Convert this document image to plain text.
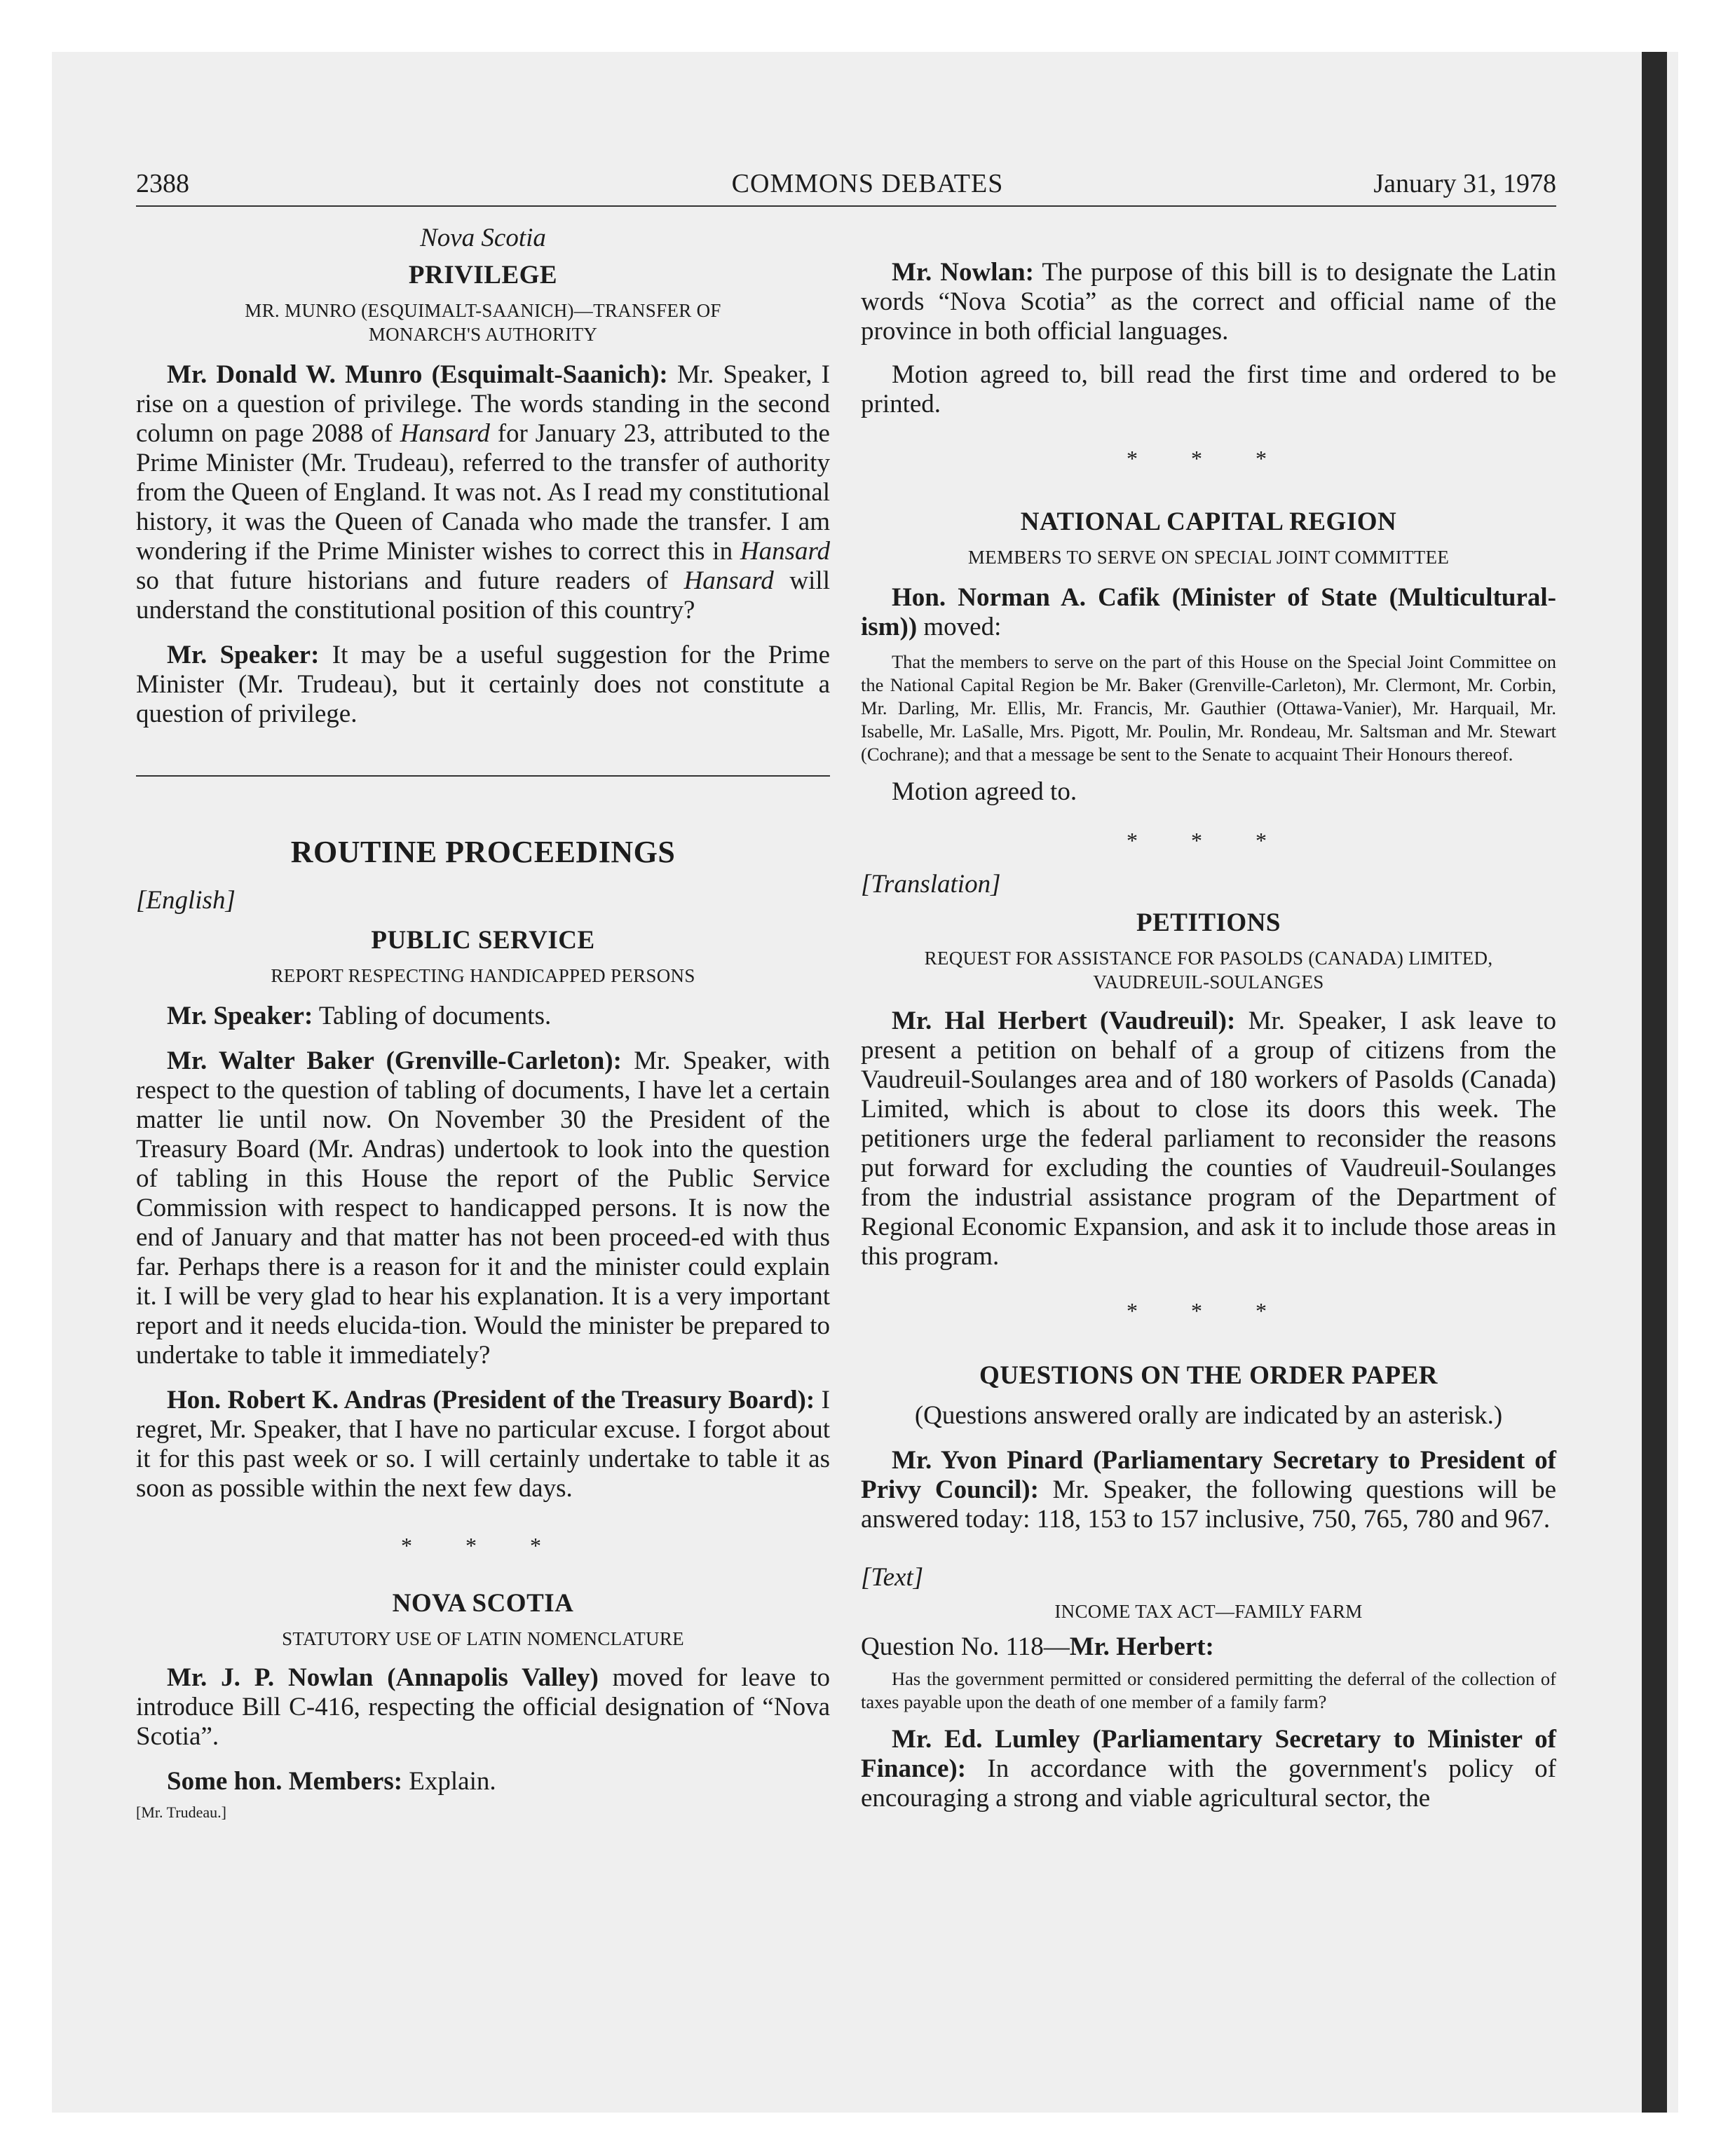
2388	COMMONS DEBATES	January 31, 1978

Nova Scotia

PRIVILEGE

MR. MUNRO (ESQUIMALT-SAANICH)—TRANSFER OF MONARCH'S AUTHORITY

Mr. Donald W. Munro (Esquimalt-Saanich): Mr. Speaker, I rise on a question of privilege. The words standing in the second column on page 2088 of Hansard for January 23, attributed to the Prime Minister (Mr. Trudeau), referred to the transfer of authority from the Queen of England. It was not. As I read my constitutional history, it was the Queen of Canada who made the transfer. I am wondering if the Prime Minister wishes to correct this in Hansard so that future historians and future readers of Hansard will understand the constitutional position of this country?

Mr. Speaker: It may be a useful suggestion for the Prime Minister (Mr. Trudeau), but it certainly does not constitute a question of privilege.

ROUTINE PROCEEDINGS

[English]

PUBLIC SERVICE

REPORT RESPECTING HANDICAPPED PERSONS

Mr. Speaker: Tabling of documents.

Mr. Walter Baker (Grenville-Carleton): Mr. Speaker, with respect to the question of tabling of documents, I have let a certain matter lie until now. On November 30 the President of the Treasury Board (Mr. Andras) undertook to look into the question of tabling in this House the report of the Public Service Commission with respect to handicapped persons. It is now the end of January and that matter has not been proceed-ed with thus far. Perhaps there is a reason for it and the minister could explain it. I will be very glad to hear his explanation. It is a very important report and it needs elucida-tion. Would the minister be prepared to undertake to table it immediately?

Hon. Robert K. Andras (President of the Treasury Board): I regret, Mr. Speaker, that I have no particular excuse. I forgot about it for this past week or so. I will certainly undertake to table it as soon as possible within the next few days.

* * *

NOVA SCOTIA

STATUTORY USE OF LATIN NOMENCLATURE

Mr. J. P. Nowlan (Annapolis Valley) moved for leave to introduce Bill C-416, respecting the official designation of “Nova Scotia”.

Some hon. Members: Explain.

[Mr. Trudeau.]

Mr. Nowlan: The purpose of this bill is to designate the Latin words “Nova Scotia” as the correct and official name of the province in both official languages.

Motion agreed to, bill read the first time and ordered to be printed.

* * *

NATIONAL CAPITAL REGION

MEMBERS TO SERVE ON SPECIAL JOINT COMMITTEE

Hon. Norman A. Cafik (Minister of State (Multicultural-ism)) moved:

That the members to serve on the part of this House on the Special Joint Committee on the National Capital Region be Mr. Baker (Grenville-Carleton), Mr. Clermont, Mr. Corbin, Mr. Darling, Mr. Ellis, Mr. Francis, Mr. Gauthier (Ottawa-Vanier), Mr. Harquail, Mr. Isabelle, Mr. LaSalle, Mrs. Pigott, Mr. Poulin, Mr. Rondeau, Mr. Saltsman and Mr. Stewart (Cochrane); and that a message be sent to the Senate to acquaint Their Honours thereof.

Motion agreed to.

* * *

[Translation]

PETITIONS

REQUEST FOR ASSISTANCE FOR PASOLDS (CANADA) LIMITED, VAUDREUIL-SOULANGES

Mr. Hal Herbert (Vaudreuil): Mr. Speaker, I ask leave to present a petition on behalf of a group of citizens from the Vaudreuil-Soulanges area and of 180 workers of Pasolds (Canada) Limited, which is about to close its doors this week. The petitioners urge the federal parliament to reconsider the reasons put forward for excluding the counties of Vaudreuil-Soulanges from the industrial assistance program of the Department of Regional Economic Expansion, and ask it to include those areas in this program.

* * *

QUESTIONS ON THE ORDER PAPER

(Questions answered orally are indicated by an asterisk.)

Mr. Yvon Pinard (Parliamentary Secretary to President of Privy Council): Mr. Speaker, the following questions will be answered today: 118, 153 to 157 inclusive, 750, 765, 780 and 967.

[Text]

INCOME TAX ACT—FAMILY FARM

Question No. 118—Mr. Herbert:

Has the government permitted or considered permitting the deferral of the collection of taxes payable upon the death of one member of a family farm?

Mr. Ed. Lumley (Parliamentary Secretary to Minister of Finance): In accordance with the government's policy of encouraging a strong and viable agricultural sector, the
